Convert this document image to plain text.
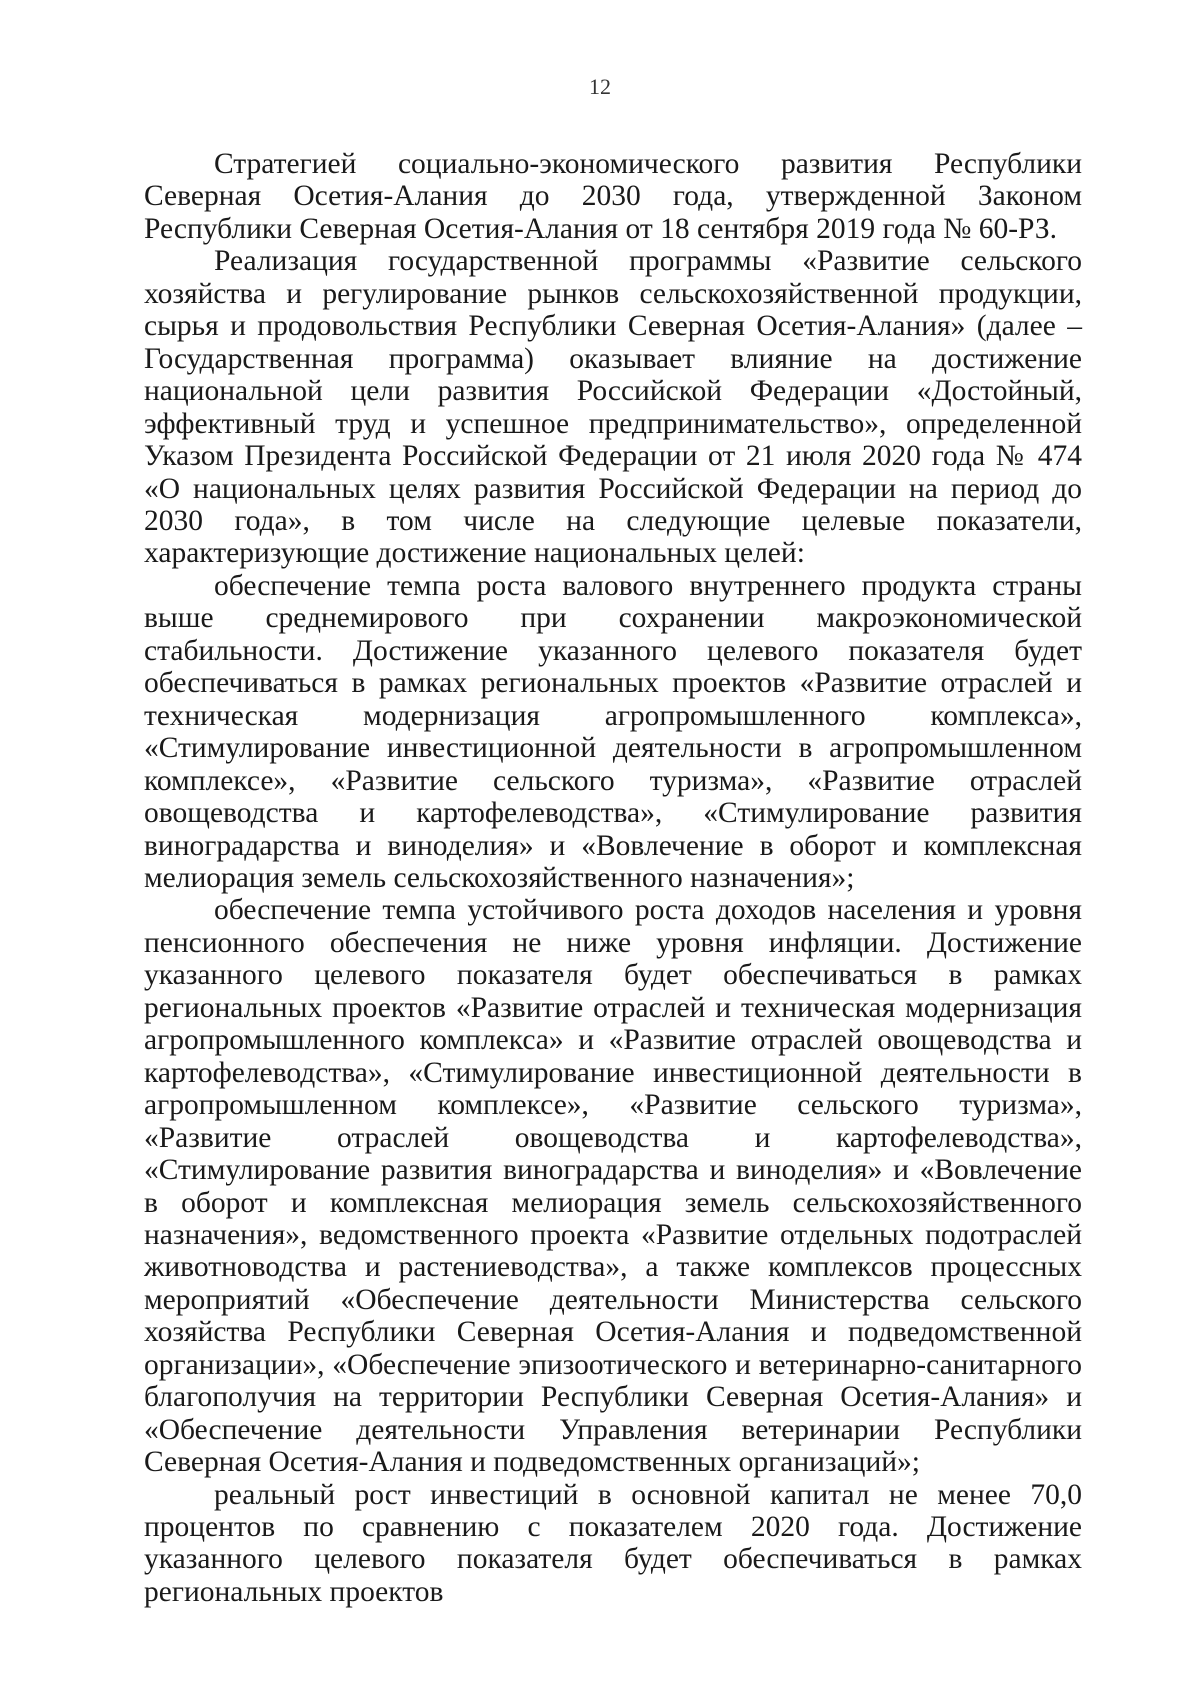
12

Стратегией социально-экономического развития Республики Северная Осетия-Алания до 2030 года, утвержденной Законом Республики Северная Осетия-Алания от 18 сентября 2019 года № 60-РЗ.

Реализация государственной программы «Развитие сельского хозяйства и регулирование рынков сельскохозяйственной продукции, сырья и продовольствия Республики Северная Осетия-Алания» (далее – Государственная программа) оказывает влияние на достижение национальной цели развития Российской Федерации «Достойный, эффективный труд и успешное предпринимательство», определенной Указом Президента Российской Федерации от 21 июля 2020 года № 474 «О национальных целях развития Российской Федерации на период до 2030 года», в том числе на следующие целевые показатели, характеризующие достижение национальных целей:

обеспечение темпа роста валового внутреннего продукта страны выше среднемирового при сохранении макроэкономической стабильности. Достижение указанного целевого показателя будет обеспечиваться в рамках региональных проектов «Развитие отраслей и техническая модернизация агропромышленного комплекса», «Стимулирование инвестиционной деятельности в агропромышленном комплексе», «Развитие сельского туризма», «Развитие отраслей овощеводства и картофелеводства», «Стимулирование развития виноградарства и виноделия» и «Вовлечение в оборот и комплексная мелиорация земель сельскохозяйственного назначения»;

обеспечение темпа устойчивого роста доходов населения и уровня пенсионного обеспечения не ниже уровня инфляции. Достижение указанного целевого показателя будет обеспечиваться в рамках региональных проектов «Развитие отраслей и техническая модернизация агропромышленного комплекса» и «Развитие отраслей овощеводства и картофелеводства», «Стимулирование инвестиционной деятельности в агропромышленном комплексе», «Развитие сельского туризма», «Развитие отраслей овощеводства и картофелеводства», «Стимулирование развития виноградарства и виноделия» и «Вовлечение в оборот и комплексная мелиорация земель сельскохозяйственного назначения», ведомственного проекта «Развитие отдельных подотраслей животноводства и растениеводства», а также комплексов процессных мероприятий «Обеспечение деятельности Министерства сельского хозяйства Республики Северная Осетия-Алания и подведомственной организации», «Обеспечение эпизоотического и ветеринарно-санитарного благополучия на территории Республики Северная Осетия-Алания» и «Обеспечение деятельности Управления ветеринарии Республики Северная Осетия-Алания и подведомственных организаций»;

реальный рост инвестиций в основной капитал не менее 70,0 процентов по сравнению с показателем 2020 года. Достижение указанного целевого показателя будет обеспечиваться в рамках региональных проектов
